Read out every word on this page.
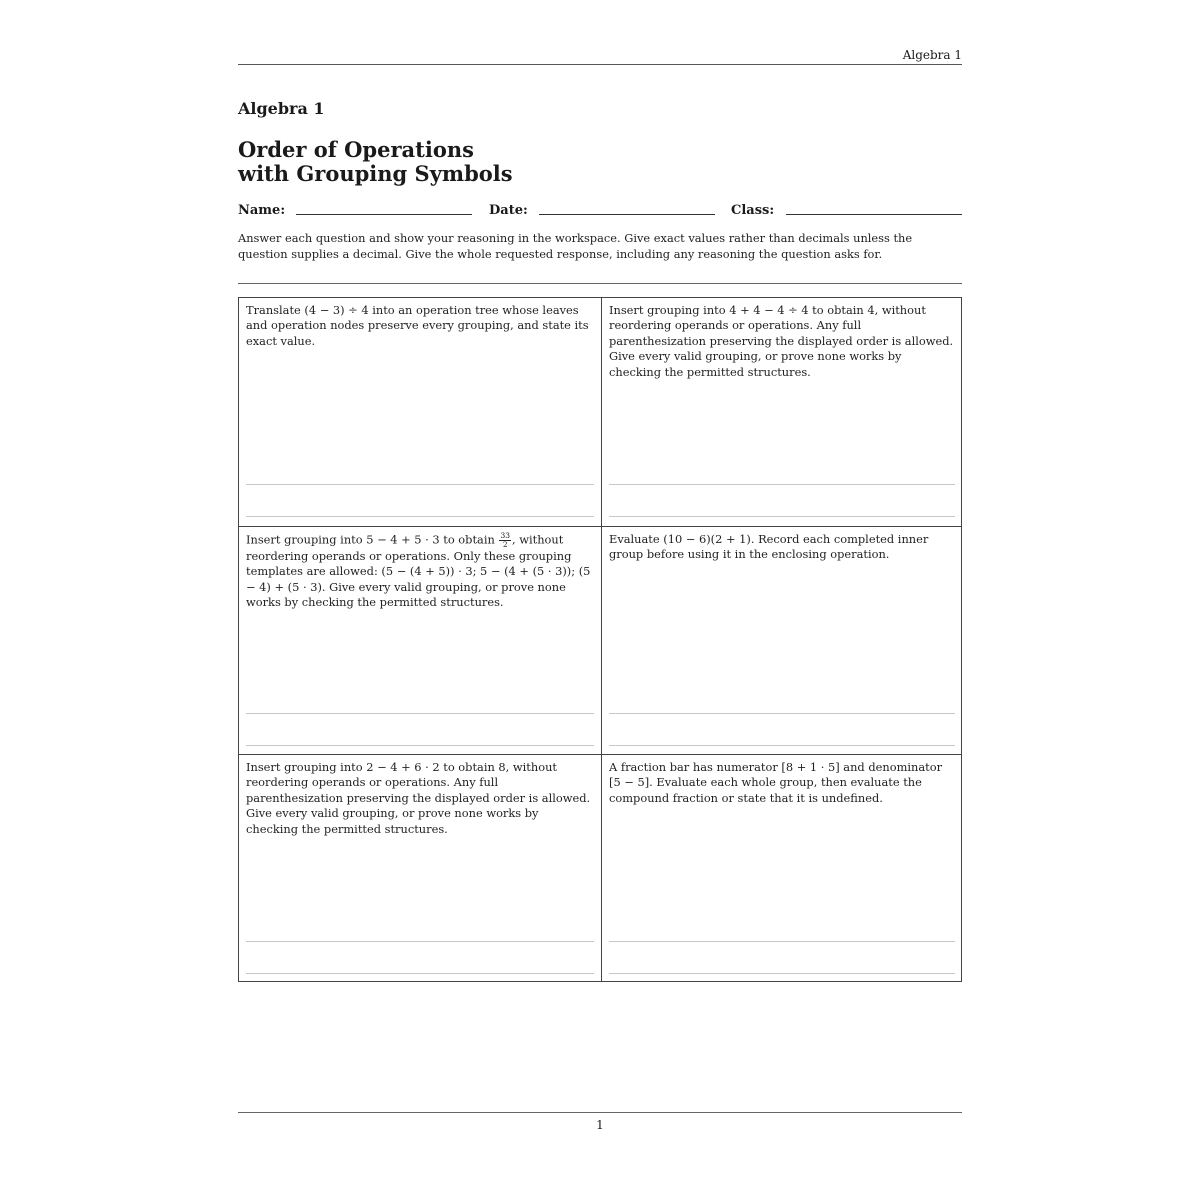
Algebra 1
Algebra 1
Order of Operations
with Grouping Symbols
Name:	Date:	Class:
Answer each question and show your reasoning in the workspace. Give exact values rather than decimals unless the question supplies a decimal. Give the whole requested response, including any reasoning the question asks for.
Translate (4 − 3) ÷ 4 into an operation tree whose leaves and operation nodes preserve every grouping, and state its exact value.
Insert grouping into 4 + 4 − 4 ÷ 4 to obtain 4, without reordering operands or operations. Any full parenthesization preserving the displayed order is allowed. Give every valid grouping, or prove none works by checking the permitted structures.
Insert grouping into 5 − 4 + 5 · 3 to obtain $\frac{33}{2}$ , without reordering operands or operations. Only these grouping templates are allowed: (5 − (4 + 5)) · 3; 5 − (4 + (5 · 3)); (5 − 4) + (5 · 3). Give every valid grouping, or prove none works by checking the permitted structures.
Evaluate (10 − 6)(2 + 1). Record each completed inner group before using it in the enclosing operation.
Insert grouping into 2 − 4 + 6 · 2 to obtain 8, without reordering operands or operations. Any full parenthesization preserving the displayed order is allowed. Give every valid grouping, or prove none works by checking the permitted structures.
A fraction bar has numerator [8 + 1 · 5] and denominator [5 − 5]. Evaluate each whole group, then evaluate the compound fraction or state that it is undefined.
1
